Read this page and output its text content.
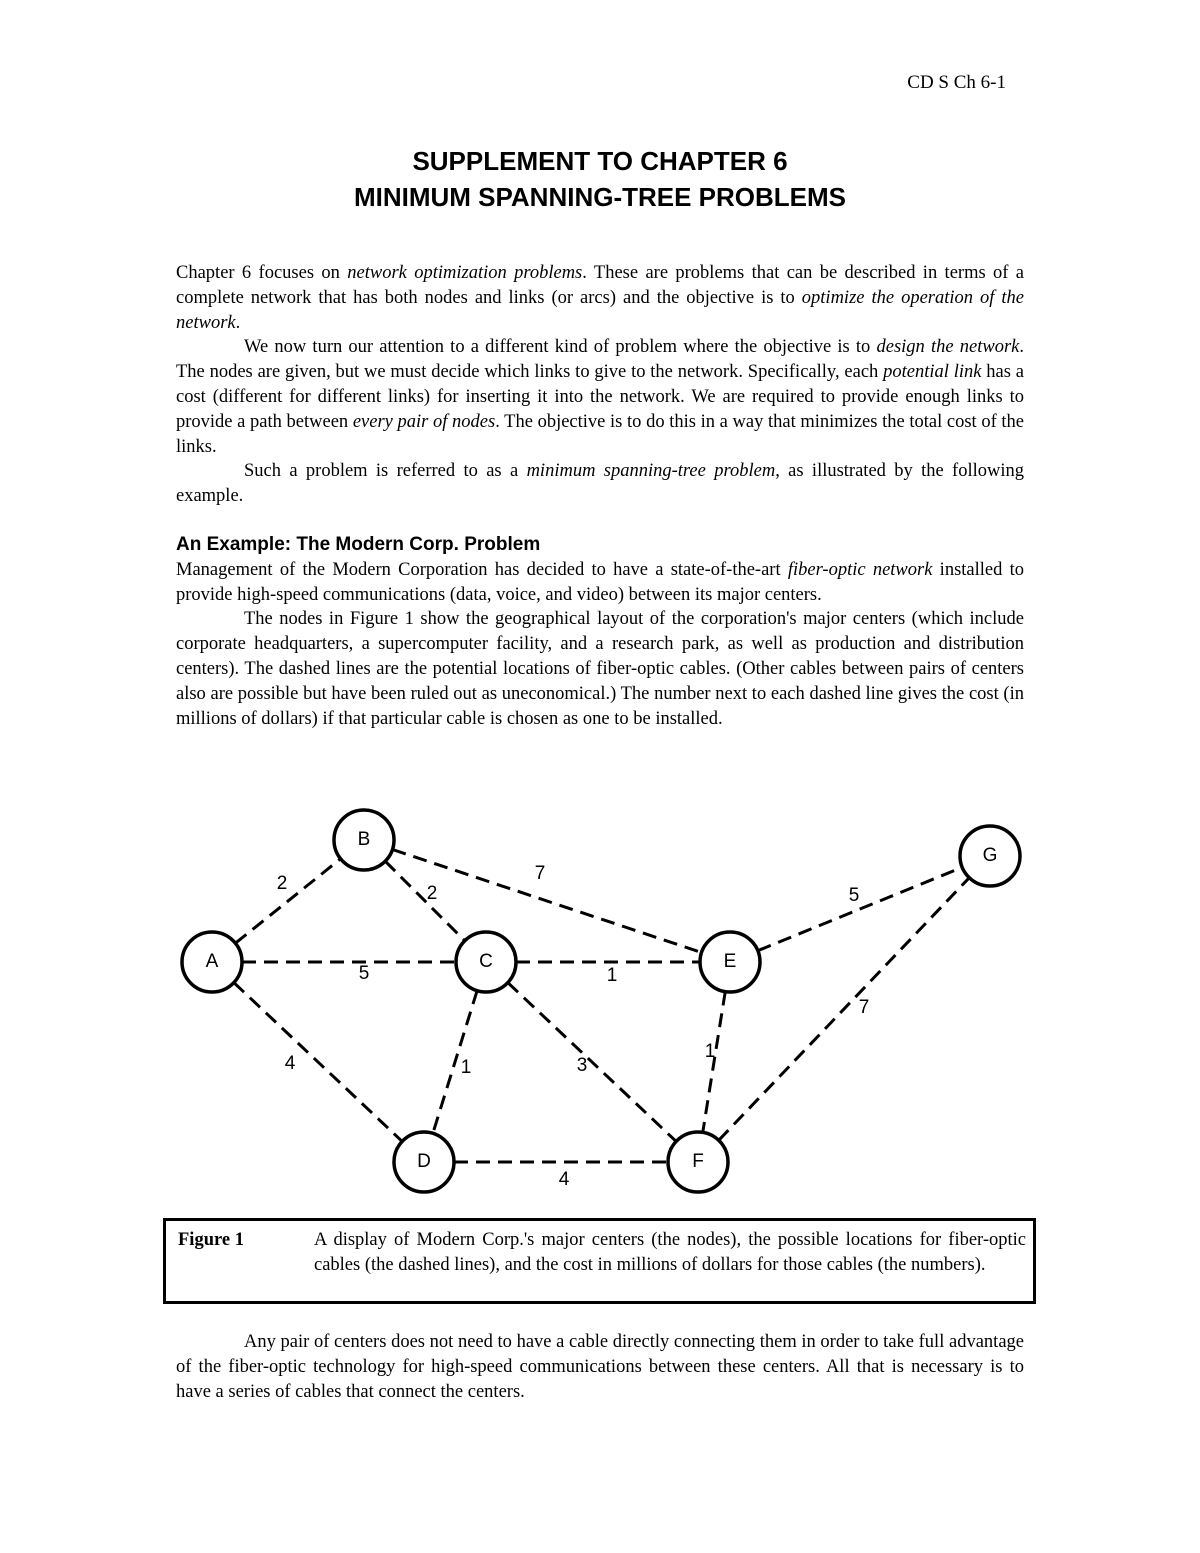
CD S Ch 6-1
SUPPLEMENT TO CHAPTER 6
MINIMUM SPANNING-TREE PROBLEMS

Chapter 6 focuses on network optimization problems. These are problems that can be described in terms of a complete network that has both nodes and links (or arcs) and the objective is to optimize the operation of the network.

We now turn our attention to a different kind of problem where the objective is to design the network. The nodes are given, but we must decide which links to give to the network. Specifically, each potential link has a cost (different for different links) for inserting it into the network. We are required to provide enough links to provide a path between every pair of nodes. The objective is to do this in a way that minimizes the total cost of the links.

Such a problem is referred to as a minimum spanning-tree problem, as illustrated by the following example.

An Example: The Modern Corp. Problem

Management of the Modern Corporation has decided to have a state-of-the-art fiber-optic network installed to provide high-speed communications (data, voice, and video) between its major centers.

The nodes in Figure 1 show the geographical layout of the corporation's major centers (which include corporate headquarters, a supercomputer facility, and a research park, as well as production and distribution centers). The dashed lines are the potential locations of fiber-optic cables. (Other cables between pairs of centers also are possible but have been ruled out as uneconomical.) The number next to each dashed line gives the cost (in millions of dollars) if that particular cable is chosen as one to be installed.

2
5
4
2
7
1
1
3
4
1
5
7
A
B
C
D
E
F
G
Figure 1	A display of Modern Corp.'s major centers (the nodes), the possible locations for fiber-optic cables (the dashed lines), and the cost in millions of dollars for those cables (the numbers).

Any pair of centers does not need to have a cable directly connecting them in order to take full advantage of the fiber-optic technology for high-speed communications between these centers. All that is necessary is to have a series of cables that connect the centers.
